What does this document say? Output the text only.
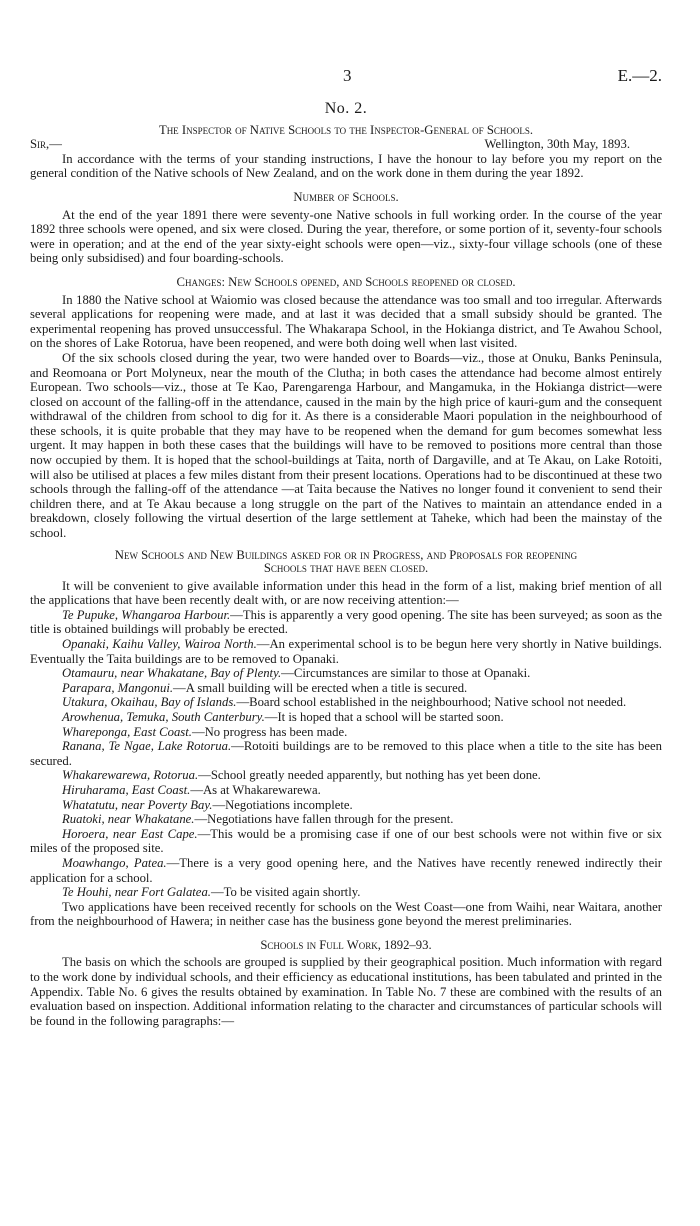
3	E.—2.
No. 2.

The Inspector of Native Schools to the Inspector-General of Schools.

Sir,—	Wellington, 30th May, 1893.

In accordance with the terms of your standing instructions, I have the honour to lay before you my report on the general condition of the Native schools of New Zealand, and on the work done in them during the year 1892.

Number of Schools.

At the end of the year 1891 there were seventy-one Native schools in full working order. In the course of the year 1892 three schools were opened, and six were closed. During the year, therefore, or some portion of it, seventy-four schools were in operation; and at the end of the year sixty-eight schools were open—viz., sixty-four village schools (one of these being only subsidised) and four boarding-schools.

Changes: New Schools opened, and Schools reopened or closed.

In 1880 the Native school at Waiomio was closed because the attendance was too small and too irregular. Afterwards several applications for reopening were made, and at last it was decided that a small subsidy should be granted. The experimental reopening has proved unsuccessful. The Whakarapa School, in the Hokianga district, and Te Awahou School, on the shores of Lake Rotorua, have been reopened, and were both doing well when last visited.

Of the six schools closed during the year, two were handed over to Boards—viz., those at Onuku, Banks Peninsula, and Reomoana or Port Molyneux, near the mouth of the Clutha; in both cases the attendance had become almost entirely European. Two schools—viz., those at Te Kao, Parengarenga Harbour, and Mangamuka, in the Hokianga district—were closed on account of the falling-off in the attendance, caused in the main by the high price of kauri-gum and the consequent withdrawal of the children from school to dig for it. As there is a considerable Maori population in the neighbourhood of these schools, it is quite probable that they may have to be reopened when the demand for gum becomes somewhat less urgent. It may happen in both these cases that the buildings will have to be removed to positions more central than those now occupied by them. It is hoped that the school-buildings at Taita, north of Dargaville, and at Te Akau, on Lake Rotoiti, will also be utilised at places a few miles distant from their present locations. Operations had to be discontinued at these two schools through the falling-off of the attendance —at Taita because the Natives no longer found it convenient to send their children there, and at Te Akau because a long struggle on the part of the Natives to maintain an attendance ended in a breakdown, closely following the virtual desertion of the large settlement at Taheke, which had been the mainstay of the school.

New Schools and New Buildings asked for or in Progress, and Proposals for reopening
Schools that have been closed.

It will be convenient to give available information under this head in the form of a list, making brief mention of all the applications that have been recently dealt with, or are now receiving attention:—

Te Pupuke, Whangaroa Harbour.—This is apparently a very good opening. The site has been surveyed; as soon as the title is obtained buildings will probably be erected.

Opanaki, Kaihu Valley, Wairoa North.—An experimental school is to be begun here very shortly in Native buildings. Eventually the Taita buildings are to be removed to Opanaki.

Otamauru, near Whakatane, Bay of Plenty.—Circumstances are similar to those at Opanaki.

Parapara, Mangonui.—A small building will be erected when a title is secured.

Utakura, Okaihau, Bay of Islands.—Board school established in the neighbourhood; Native school not needed.

Arowhenua, Temuka, South Canterbury.—It is hoped that a school will be started soon.

Whareponga, East Coast.—No progress has been made.

Ranana, Te Ngae, Lake Rotorua.—Rotoiti buildings are to be removed to this place when a title to the site has been secured.

Whakarewarewa, Rotorua.—School greatly needed apparently, but nothing has yet been done.

Hiruharama, East Coast.—As at Whakarewarewa.

Whatatutu, near Poverty Bay.—Negotiations incomplete.

Ruatoki, near Whakatane.—Negotiations have fallen through for the present.

Horoera, near East Cape.—This would be a promising case if one of our best schools were not within five or six miles of the proposed site.

Moawhango, Patea.—There is a very good opening here, and the Natives have recently renewed indirectly their application for a school.

Te Houhi, near Fort Galatea.—To be visited again shortly.

Two applications have been received recently for schools on the West Coast—one from Waihi, near Waitara, another from the neighbourhood of Hawera; in neither case has the business gone beyond the merest preliminaries.

Schools in Full Work, 1892–93.

The basis on which the schools are grouped is supplied by their geographical position. Much information with regard to the work done by individual schools, and their efficiency as educational institutions, has been tabulated and printed in the Appendix. Table No. 6 gives the results obtained by examination. In Table No. 7 these are combined with the results of an evaluation based on inspection. Additional information relating to the character and circumstances of particular schools will be found in the following paragraphs:—
